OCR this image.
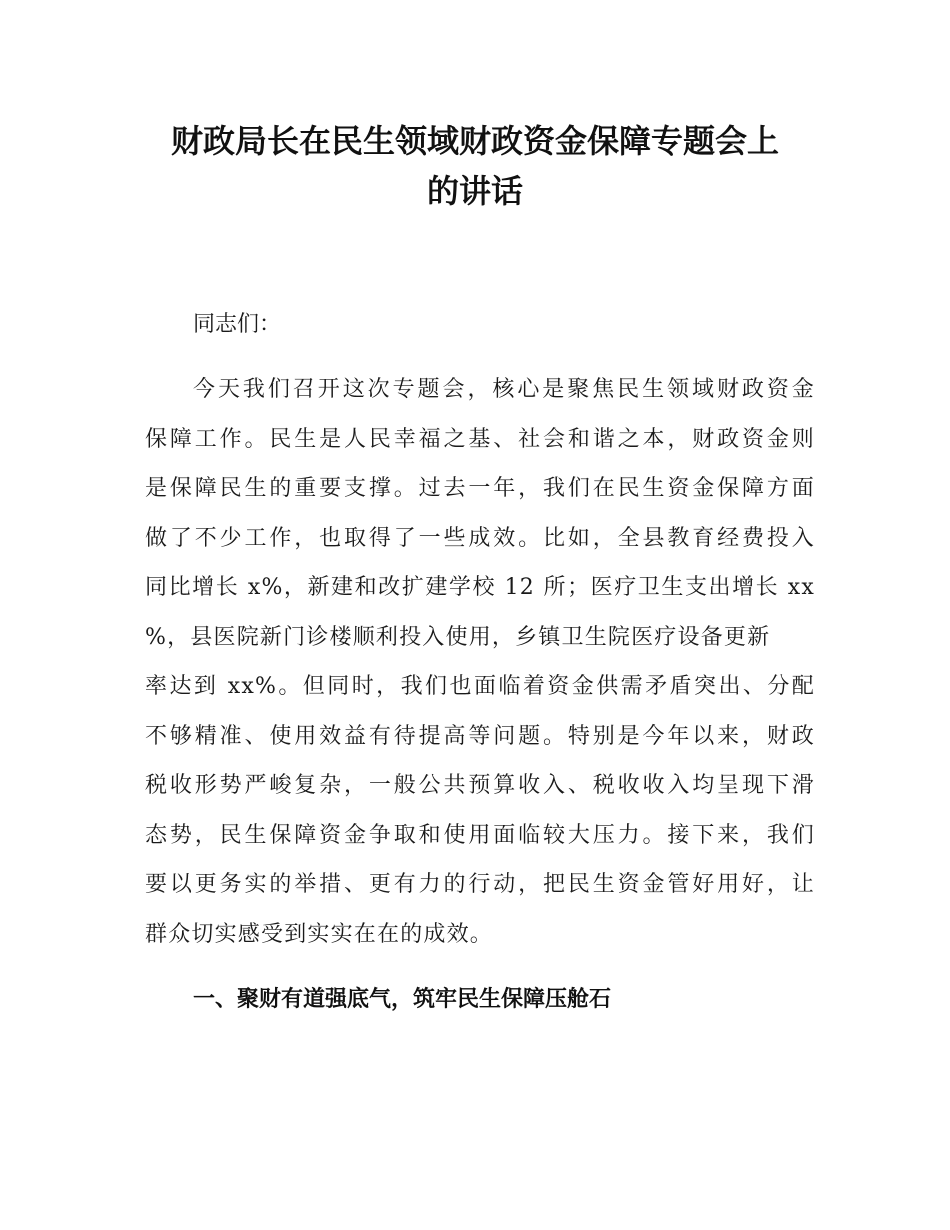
财政局长在民生领域财政资金保障专题会上
的讲话

同志们：

今天我们召开这次专题会，核心是聚焦民生领域财政资金
保障工作。民生是人民幸福之基、社会和谐之本，财政资金则
是保障民生的重要支撑。过去一年，我们在民生资金保障方面
做了不少工作，也取得了一些成效。比如，全县教育经费投入
同比增长 x%，新建和改扩建学校 12 所；医疗卫生支出增长 xx
%，县医院新门诊楼顺利投入使用，乡镇卫生院医疗设备更新
率达到 xx%。但同时，我们也面临着资金供需矛盾突出、分配
不够精准、使用效益有待提高等问题。特别是今年以来，财政
税收形势严峻复杂，一般公共预算收入、税收收入均呈现下滑
态势，民生保障资金争取和使用面临较大压力。接下来，我们
要以更务实的举措、更有力的行动，把民生资金管好用好，让
群众切实感受到实实在在的成效。
一、聚财有道强底气，筑牢民生保障压舱石
